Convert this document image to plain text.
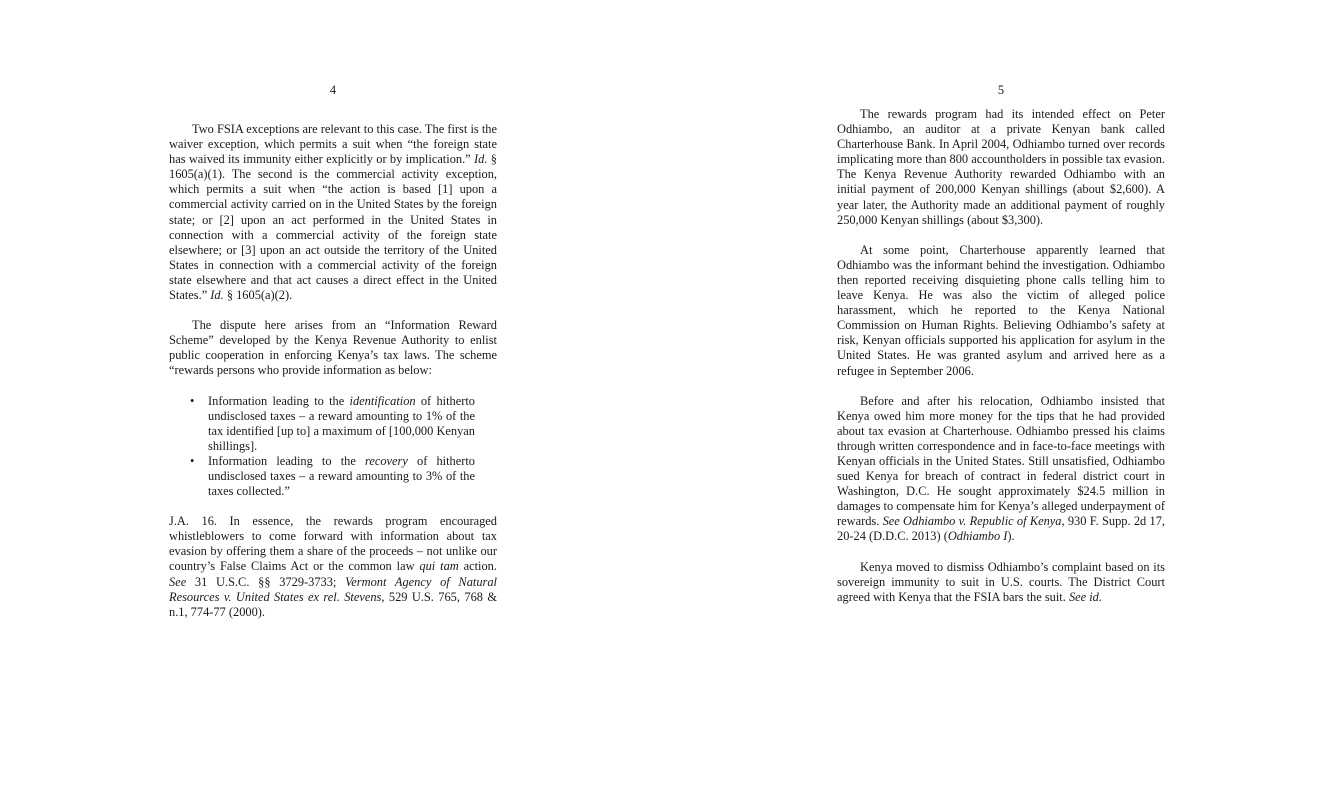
4

Two FSIA exceptions are relevant to this case. The first is the waiver exception, which permits a suit when “the foreign state has waived its immunity either explicitly or by implication.” Id. § 1605(a)(1). The second is the commercial activity exception, which permits a suit when “the action is based [1] upon a commercial activity carried on in the United States by the foreign state; or [2] upon an act performed in the United States in connection with a commercial activity of the foreign state elsewhere; or [3] upon an act outside the territory of the United States in connection with a commercial activity of the foreign state elsewhere and that act causes a direct effect in the United States.” Id. § 1605(a)(2).

The dispute here arises from an “Information Reward Scheme” developed by the Kenya Revenue Authority to enlist public cooperation in enforcing Kenya’s tax laws. The scheme “rewards persons who provide information as below:

• Information leading to the identification of hitherto undisclosed taxes – a reward amounting to 1% of the tax identified [up to] a maximum of [100,000 Kenyan shillings].
• Information leading to the recovery of hitherto undisclosed taxes – a reward amounting to 3% of the taxes collected.”

J.A. 16. In essence, the rewards program encouraged whistleblowers to come forward with information about tax evasion by offering them a share of the proceeds – not unlike our country’s False Claims Act or the common law qui tam action. See 31 U.S.C. §§ 3729-3733; Vermont Agency of Natural Resources v. United States ex rel. Stevens, 529 U.S. 765, 768 & n.1, 774-77 (2000).

5

The rewards program had its intended effect on Peter Odhiambo, an auditor at a private Kenyan bank called Charterhouse Bank. In April 2004, Odhiambo turned over records implicating more than 800 accountholders in possible tax evasion. The Kenya Revenue Authority rewarded Odhiambo with an initial payment of 200,000 Kenyan shillings (about $2,600). A year later, the Authority made an additional payment of roughly 250,000 Kenyan shillings (about $3,300).

At some point, Charterhouse apparently learned that Odhiambo was the informant behind the investigation. Odhiambo then reported receiving disquieting phone calls telling him to leave Kenya. He was also the victim of alleged police harassment, which he reported to the Kenya National Commission on Human Rights. Believing Odhiambo’s safety at risk, Kenyan officials supported his application for asylum in the United States. He was granted asylum and arrived here as a refugee in September 2006.

Before and after his relocation, Odhiambo insisted that Kenya owed him more money for the tips that he had provided about tax evasion at Charterhouse. Odhiambo pressed his claims through written correspondence and in face-to-face meetings with Kenyan officials in the United States. Still unsatisfied, Odhiambo sued Kenya for breach of contract in federal district court in Washington, D.C. He sought approximately $24.5 million in damages to compensate him for Kenya’s alleged underpayment of rewards. See Odhiambo v. Republic of Kenya, 930 F. Supp. 2d 17, 20-24 (D.D.C. 2013) (Odhiambo I).

Kenya moved to dismiss Odhiambo’s complaint based on its sovereign immunity to suit in U.S. courts. The District Court agreed with Kenya that the FSIA bars the suit. See id.
